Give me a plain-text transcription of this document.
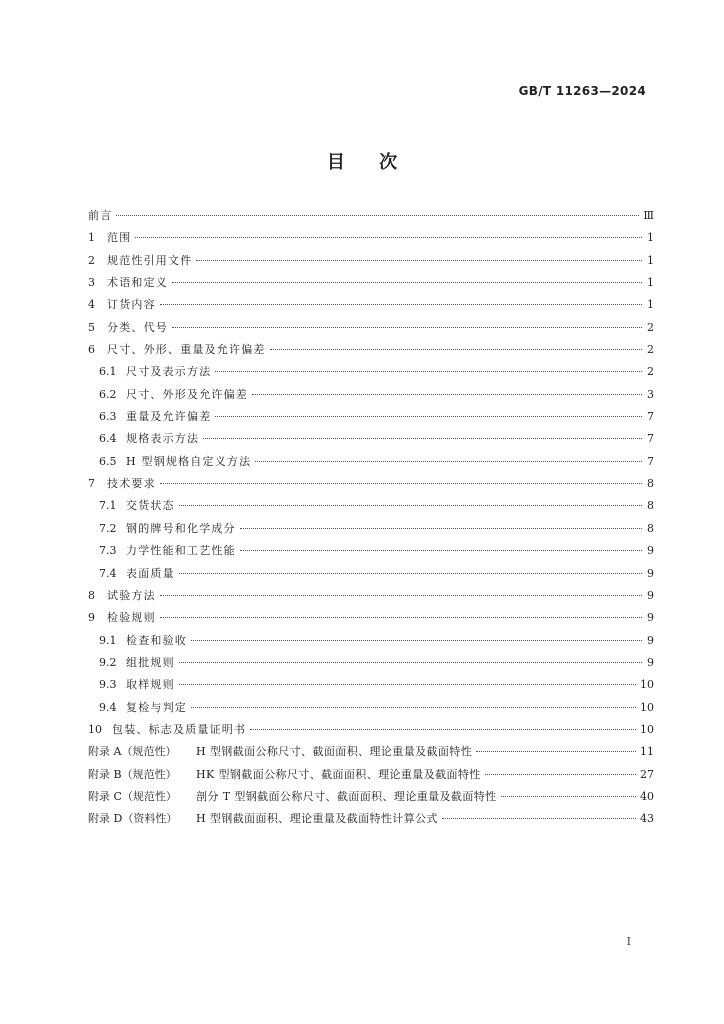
GB/T 11263—2024
目 次
前言	Ⅲ
1	范围	1
2	规范性引用文件	1
3	术语和定义	1
4	订货内容	1
5	分类、代号	2
6	尺寸、外形、重量及允许偏差	2
6.1 尺寸及表示方法	2
6.2 尺寸、外形及允许偏差	3
6.3 重量及允许偏差	7
6.4 规格表示方法	7
6.5 H 型钢规格自定义方法	7
7	技术要求	8
7.1 交货状态	8
7.2 钢的牌号和化学成分	8
7.3 力学性能和工艺性能	9
7.4 表面质量	9
8	试验方法	9
9	检验规则	9
9.1 检查和验收	9
9.2 组批规则	9
9.3 取样规则	10
9.4 复检与判定	10
10 包装、标志及质量证明书	10
附录 A（规范性）	H 型钢截面公称尺寸、截面面积、理论重量及截面特性	11
附录 B（规范性）	HK 型钢截面公称尺寸、截面面积、理论重量及截面特性	27
附录 C（规范性）	剖分 T 型钢截面公称尺寸、截面面积、理论重量及截面特性	40
附录 D（资料性）	H 型钢截面面积、理论重量及截面特性计算公式	43
I
